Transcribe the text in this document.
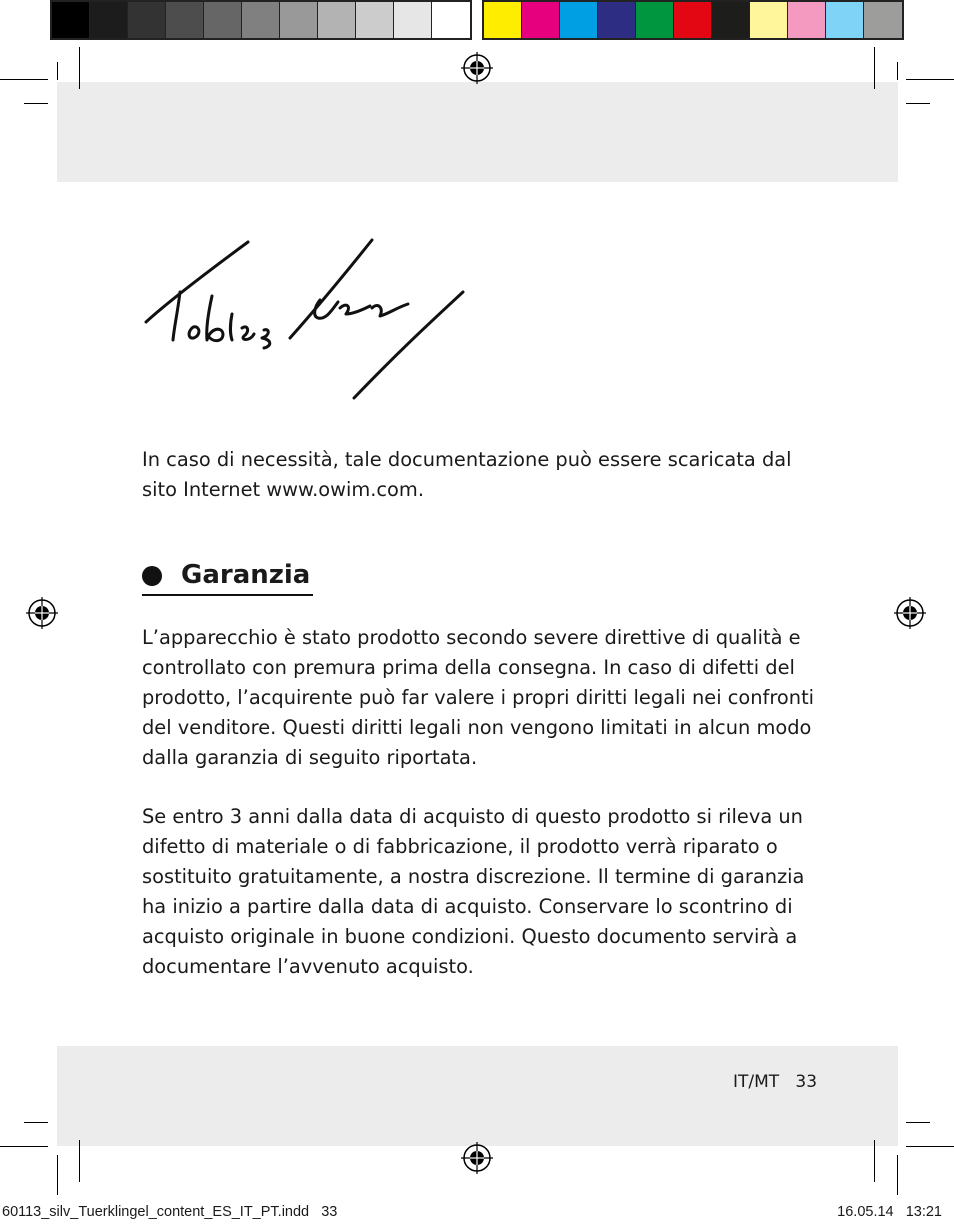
In caso di necessità, tale documentazione può essere scaricata dal sito Internet www.owim.com.
Garanzia
L’apparecchio è stato prodotto secondo severe direttive di qualità e controllato con premura prima della consegna. In caso di difetti del prodotto, l’acquirente può far valere i propri diritti legali nei confronti del venditore. Questi diritti legali non vengono limitati in alcun modo dalla garanzia di seguito riportata.
Se entro 3 anni dalla data di acquisto di questo prodotto si rileva un difetto di materiale o di fabbricazione, il prodotto verrà riparato o sostituito gratuitamente, a nostra discrezione. Il termine di garanzia ha inizio a partire dalla data di acquisto. Conservare lo scontrino di acquisto originale in buone condizioni. Questo documento servirà a documentare l’avvenuto acquisto.
IT/MT   33
60113_silv_Tuerklingel_content_ES_IT_PT.indd   33	16.05.14   13:21
